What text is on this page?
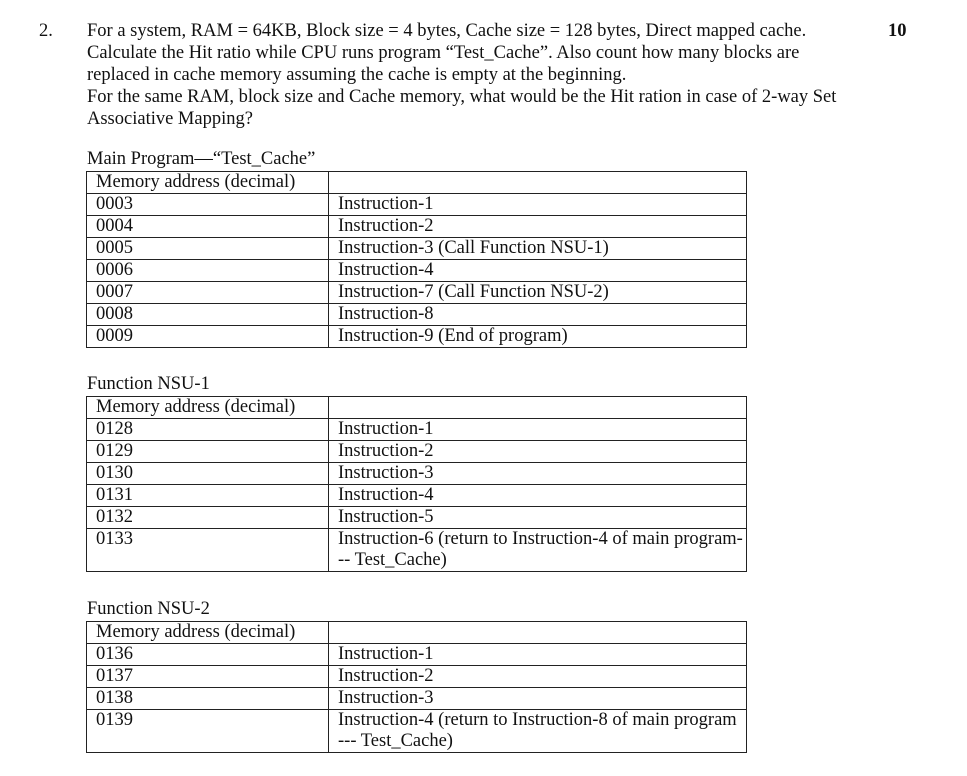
2.	10

For a system, RAM = 64KB, Block size = 4 bytes, Cache size = 128 bytes, Direct mapped cache.

Calculate the Hit ratio while CPU runs program “Test_Cache”. Also count how many blocks are replaced in cache memory assuming the cache is empty at the beginning.

For the same RAM, block size and Cache memory, what would be the Hit ration in case of 2-way Set Associative Mapping?

Main Program—“Test_Cache”
Memory address (decimal)	
0003	Instruction-1
0004	Instruction-2
0005	Instruction-3 (Call Function NSU-1)
0006	Instruction-4
0007	Instruction-7 (Call Function NSU-2)
0008	Instruction-8
0009	Instruction-9 (End of program)
Function NSU-1
Memory address (decimal)	
0128	Instruction-1
0129	Instruction-2
0130	Instruction-3
0131	Instruction-4
0132	Instruction-5
0133	Instruction-6 (return to Instruction-4 of main program--- Test_Cache)
Function NSU-2
Memory address (decimal)	
0136	Instruction-1
0137	Instruction-2
0138	Instruction-3
0139	Instruction-4 (return to Instruction-8 of main program --- Test_Cache)
